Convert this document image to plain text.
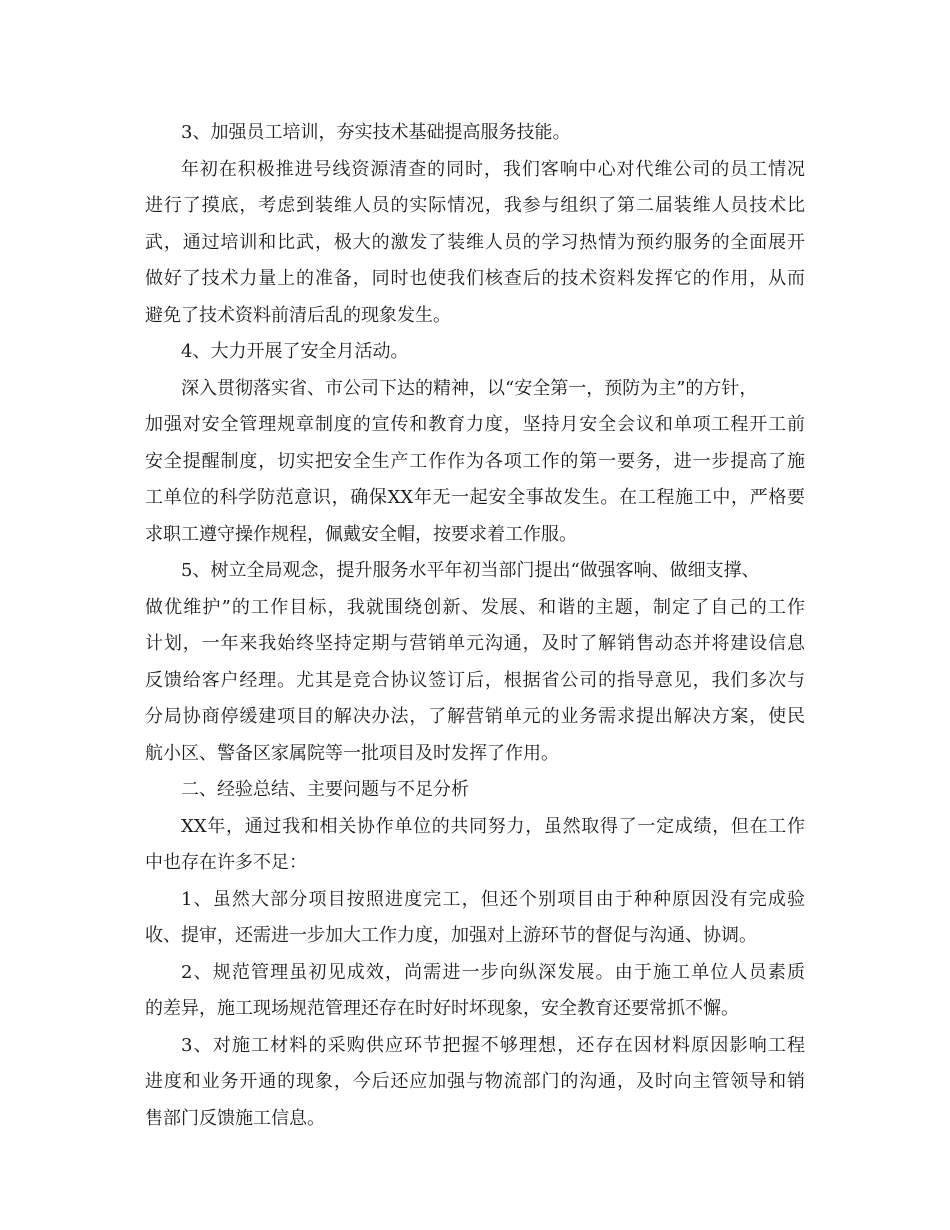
3、加强员工培训，夯实技术基础提高服务技能。
年初在积极推进号线资源清查的同时，我们客响中心对代维公司的员工情况
进行了摸底，考虑到装维人员的实际情况，我参与组织了第二届装维人员技术比
武，通过培训和比武，极大的激发了装维人员的学习热情为预约服务的全面展开
做好了技术力量上的准备，同时也使我们核查后的技术资料发挥它的作用，从而
避免了技术资料前清后乱的现象发生。
4、大力开展了安全月活动。
深入贯彻落实省、市公司下达的精神，以“安全第一，预防为主”的方针，
加强对安全管理规章制度的宣传和教育力度，坚持月安全会议和单项工程开工前
安全提醒制度，切实把安全生产工作作为各项工作的第一要务，进一步提高了施
工单位的科学防范意识，确保XX年无一起安全事故发生。在工程施工中，严格要
求职工遵守操作规程，佩戴安全帽，按要求着工作服。
5、树立全局观念，提升服务水平年初当部门提出“做强客响、做细支撑、
做优维护”的工作目标，我就围绕创新、发展、和谐的主题，制定了自己的工作
计划，一年来我始终坚持定期与营销单元沟通，及时了解销售动态并将建设信息
反馈给客户经理。尤其是竞合协议签订后，根据省公司的指导意见，我们多次与
分局协商停缓建项目的解决办法，了解营销单元的业务需求提出解决方案，使民
航小区、警备区家属院等一批项目及时发挥了作用。
二、经验总结、主要问题与不足分析
XX年，通过我和相关协作单位的共同努力，虽然取得了一定成绩，但在工作
中也存在许多不足：
1、虽然大部分项目按照进度完工，但还个别项目由于种种原因没有完成验
收、提审，还需进一步加大工作力度，加强对上游环节的督促与沟通、协调。
2、规范管理虽初见成效，尚需进一步向纵深发展。由于施工单位人员素质
的差异，施工现场规范管理还存在时好时坏现象，安全教育还要常抓不懈。
3、对施工材料的采购供应环节把握不够理想，还存在因材料原因影响工程
进度和业务开通的现象，今后还应加强与物流部门的沟通，及时向主管领导和销
售部门反馈施工信息。
